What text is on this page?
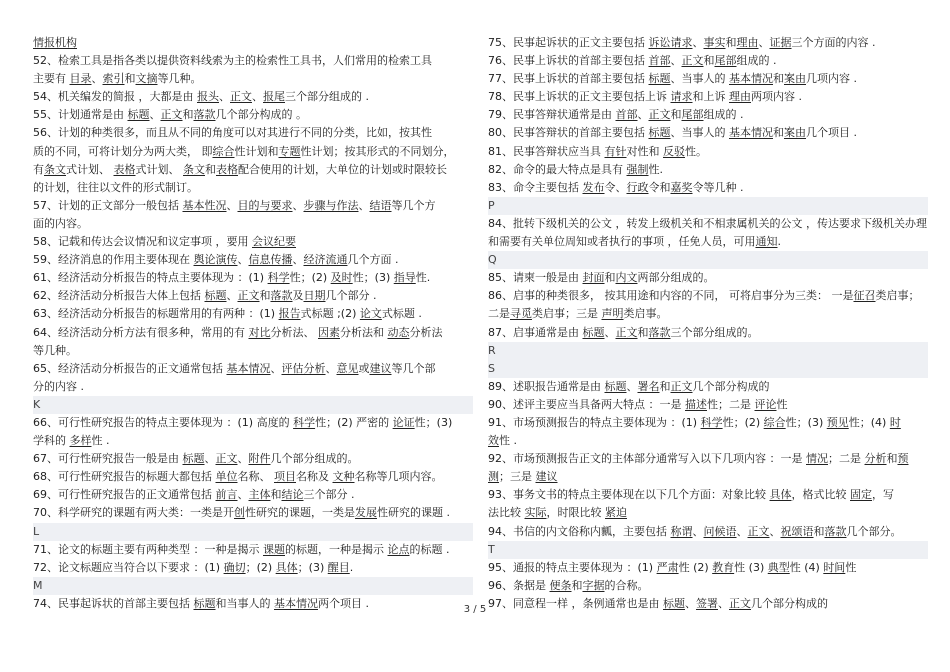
情报机构
52、检索工具是指各类以提供资料线索为主的检索性工具书，人们常用的检索工具
主要有 目录、索引和文摘等几种。
54、机关编发的简报 ，大都是由 报头、正文、报尾三个部分组成的 .
55、计划通常是由 标题、正文和落款几个部分构成的 。
56、计划的种类很多，而且从不同的角度可以对其进行不同的分类，比如，按其性
质的不同，可将计划分为两大类， 即综合性计划和专题性计划；按其形式的不同划分，
有条文式计划、 表格式计划、 条文和表格配合使用的计划，大单位的计划或时限较长
的计划，往往以文件的形式制订。
57、计划的正文部分一般包括 基本性况、目的与要求、步骤与作法、结语等几个方
面的内容。
58、记载和传达会议情况和议定事项 ，要用 会议纪要
59、经济消息的作用主要体现在 舆论演传、信息传播、经济流通几个方面 .
61、经济活动分析报告的特点主要体现为 ：(1) 科学性；(2) 及时性；(3) 指导性.
62、经济活动分析报告大体上包括 标题、正文和落款及日期几个部分 .
63、经济活动分析报告的标题常用的有两种 ：(1) 报告式标题 ;(2) 论文式标题 .
64、经济活动分析方法有很多种，常用的有 对比分析法、 因素分析法和 动态分析法
等几种。
65、经济活动分析报告的正文通常包括 基本情况、评估分析、意见或建议等几个部
分的内容 .
K
66、可行性研究报告的特点主要体现为 ：(1) 高度的 科学性；(2) 严密的 论证性；(3)
学科的 多样性 .
67、可行性研究报告一般是由 标题、正文、附件几个部分组成的。
68、可行性研究报告的标题大都包括 单位名称、 项目名称及 文种名称等几项内容。
69、可行性研究报告的正文通常包括 前言、主体和结论三个部分 .
70、科学研究的课题有两大类：一类是开创性研究的课题，一类是发展性研究的课题 .
L
71、论文的标题主要有两种类型 ：一种是揭示 课题的标题，一种是揭示 论点的标题 .
72、论文标题应当符合以下要求 ：(1) 确切；(2) 具体；(3) 醒目.
M
74、民事起诉状的首部主要包括 标题和当事人的 基本情况两个项目 .
75、民事起诉状的正文主要包括 诉讼请求、事实和理由、证据三个方面的内容 .
76、民事上诉状的首部主要包括 首部、正文和尾部组成的 .
77、民事上诉状的首部主要包括 标题、当事人的 基本情况和案由几项内容 .
78、民事上诉状的正文主要包括上诉 请求和上诉 理由两项内容 .
79、民事答辩状通常是由 首部、正文和尾部组成的 .
80、民事答辩状的首部主要包括 标题、当事人的 基本情况和案由几个项目 .
81、民事答辩状应当具 有针对性和 反驳性。
82、命令的最大特点是具有 强制性.
83、命令主要包括 发布令、行政令和嘉奖令等几种 .
P
84、批转下级机关的公文 ，转发上级机关和不相隶属机关的公文 ，传达要求下级机关办理
和需要有关单位周知或者执行的事项 ，任免人员，可用通知.
Q
85、请柬一般是由 封面和内文两部分组成的。
86、启事的种类很多， 按其用途和内容的不同， 可将启事分为三类： 一是征召类启事；
二是寻觅类启事；三是 声明类启事。
87、启事通常是由 标题、正文和落款三个部分组成的。
R
S
89、述职报告通常是由 标题、署名和正文几个部分构成的
90、述评主要应当具备两大特点 ：一是 描述性；二是 评论性
91、市场预测报告的特点主要体现为 ：(1) 科学性；(2) 综合性；(3) 预见性；(4) 时
效性 .
92、市场预测报告正文的主体部分通常写入以下几项内容 ：一是 情况；二是 分析和预
测；三是 建议
93、事务文书的特点主要体现在以下几个方面：对象比较 具体，格式比较 固定，写
法比较 实际，时限比较 紧迫
94、书信的内文俗称内瓤，主要包括 称谓、问候语、正文、祝颂语和落款几个部分。
T
95、通报的特点主要体现为 ：(1) 严肃性 (2) 教育性 (3) 典型性 (4) 时间性
96、条据是 便条和字据的合称。
97、同意程一样 ，条例通常也是由 标题、签署、正文几个部分构成的
3 / 5
